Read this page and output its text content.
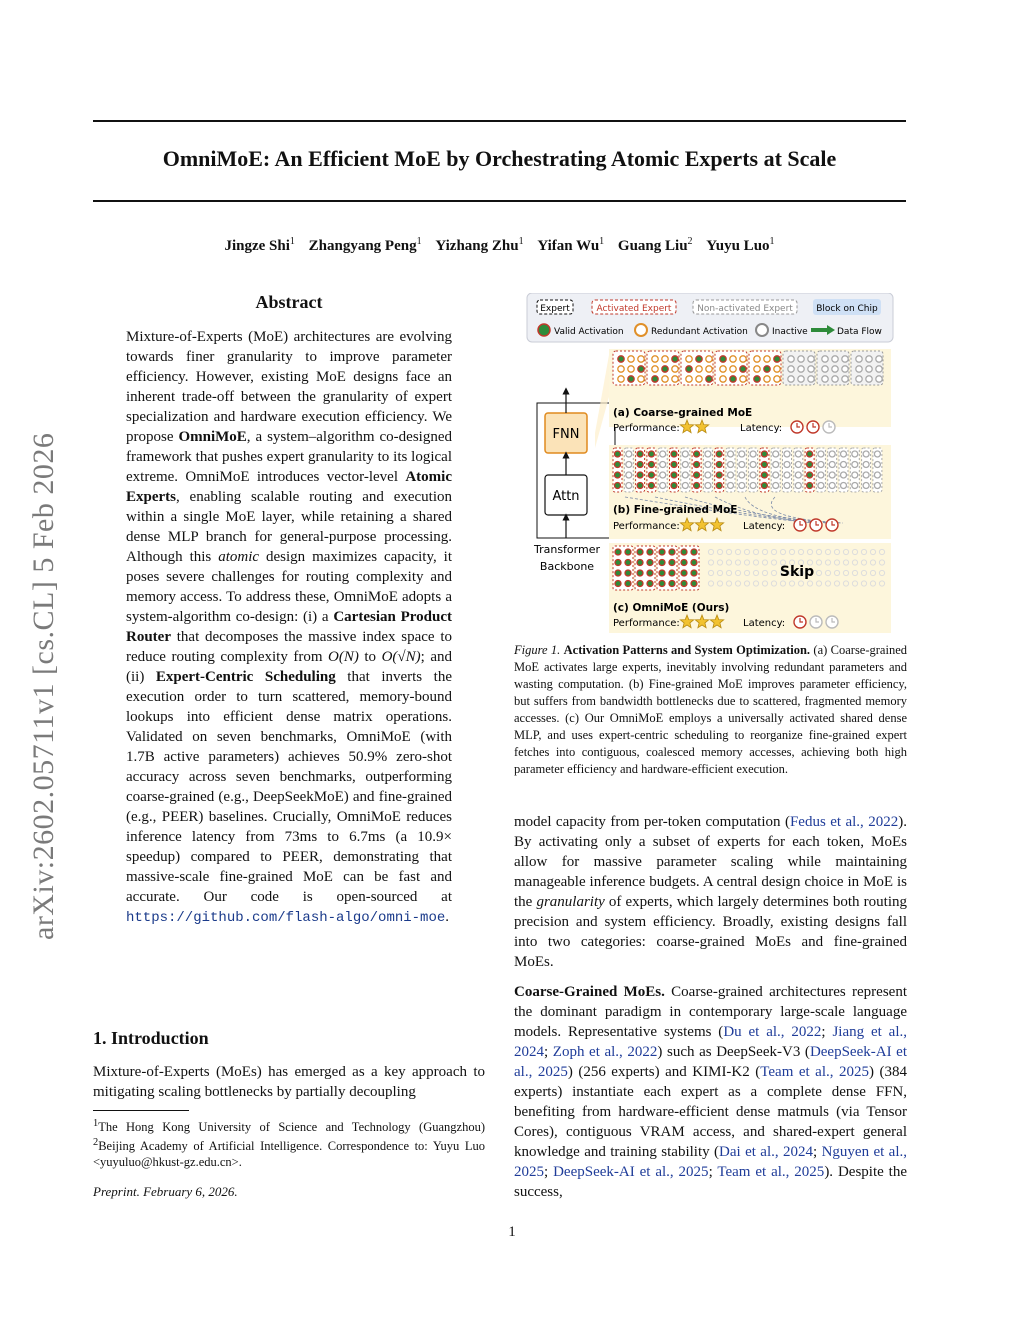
OmniMoE: An Efficient MoE by Orchestrating Atomic Experts at Scale
Jingze Shi$^1$ Zhangyang Peng$^1$ Yizhang Zhu$^1$ Yifan Wu$^1$ Guang Liu$^2$ Yuyu Luo$^1$
arXiv:2602.05711v1 [cs.CL] 5 Feb 2026
Abstract
Mixture-of-Experts (MoE) architectures are evolving towards finer granularity to improve parameter efficiency. However, existing MoE designs face an inherent trade-off between the granularity of expert specialization and hardware execution efficiency. We propose OmniMoE, a system–algorithm co-designed framework that pushes expert granularity to its logical extreme. OmniMoE introduces vector-level Atomic Experts, enabling scalable routing and execution within a single MoE layer, while retaining a shared dense MLP branch for general-purpose processing. Although this atomic design maximizes capacity, it poses severe challenges for routing complexity and memory access. To address these, OmniMoE adopts a system-algorithm co-design: (i) a Cartesian Product Router that decomposes the massive index space to reduce routing complexity from O(N) to O(√N); and (ii) Expert-Centric Scheduling that inverts the execution order to turn scattered, memory-bound lookups into efficient dense matrix operations. Validated on seven benchmarks, OmniMoE (with 1.7B active parameters) achieves 50.9% zero-shot accuracy across seven benchmarks, outperforming coarse-grained (e.g., DeepSeekMoE) and fine-grained (e.g., PEER) baselines. Crucially, OmniMoE reduces inference latency from 73ms to 6.7ms (a 10.9× speedup) compared to PEER, demonstrating that massive-scale fine-grained MoE can be fast and accurate. Our code is open-sourced at https://github.com/flash-algo/omni-moe.
1. Introduction
Mixture-of-Experts (MoEs) has emerged as a key approach to mitigating scaling bottlenecks by partially decoupling
$^1$The Hong Kong University of Science and Technology (Guangzhou) $^2$Beijing Academy of Artificial Intelligence. Correspondence to: Yuyu Luo <yuyuluo@hkust-gz.edu.cn>.
Preprint. February 6, 2026.
1
Expert	Activated Expert	Non-activated Expert	Block on Chip
Valid Activation	Redundant Activation	Inactive	Data Flow
FNN
Attn
Transformer
Backbone
(a) Coarse-grained MoE
Performance:	Latency:
(b) Fine-grained MoE
Performance:	Latency:
(c) OmniMoE (Ours)
Performance:	Latency:
Skip
Figure 1. Activation Patterns and System Optimization. (a) Coarse-grained MoE activates large experts, inevitably involving redundant parameters and wasting computation. (b) Fine-grained MoE improves parameter efficiency, but suffers from bandwidth bottlenecks due to scattered, fragmented memory accesses. (c) Our OmniMoE employs a universally activated shared dense MLP, and uses expert-centric scheduling to reorganize fine-grained expert fetches into contiguous, coalesced memory accesses, achieving both high parameter efficiency and hardware-efficient execution.
model capacity from per-token computation (Fedus et al., 2022). By activating only a subset of experts for each token, MoEs allow for massive parameter scaling while maintaining manageable inference budgets. A central design choice in MoE is the granularity of experts, which largely determines both routing precision and system efficiency. Broadly, existing designs fall into two categories: coarse-grained MoEs and fine-grained MoEs.
Coarse-Grained MoEs. Coarse-grained architectures represent the dominant paradigm in contemporary large-scale language models. Representative systems (Du et al., 2022; Jiang et al., 2024; Zoph et al., 2022) such as DeepSeek-V3 (DeepSeek-AI et al., 2025) (256 experts) and KIMI-K2 (Team et al., 2025) (384 experts) instantiate each expert as a complete dense FFN, benefiting from hardware-efficient dense matmuls (via Tensor Cores), contiguous VRAM access, and shared-expert general knowledge and training stability (Dai et al., 2024; Nguyen et al., 2025; DeepSeek-AI et al., 2025; Team et al., 2025). Despite the success,
